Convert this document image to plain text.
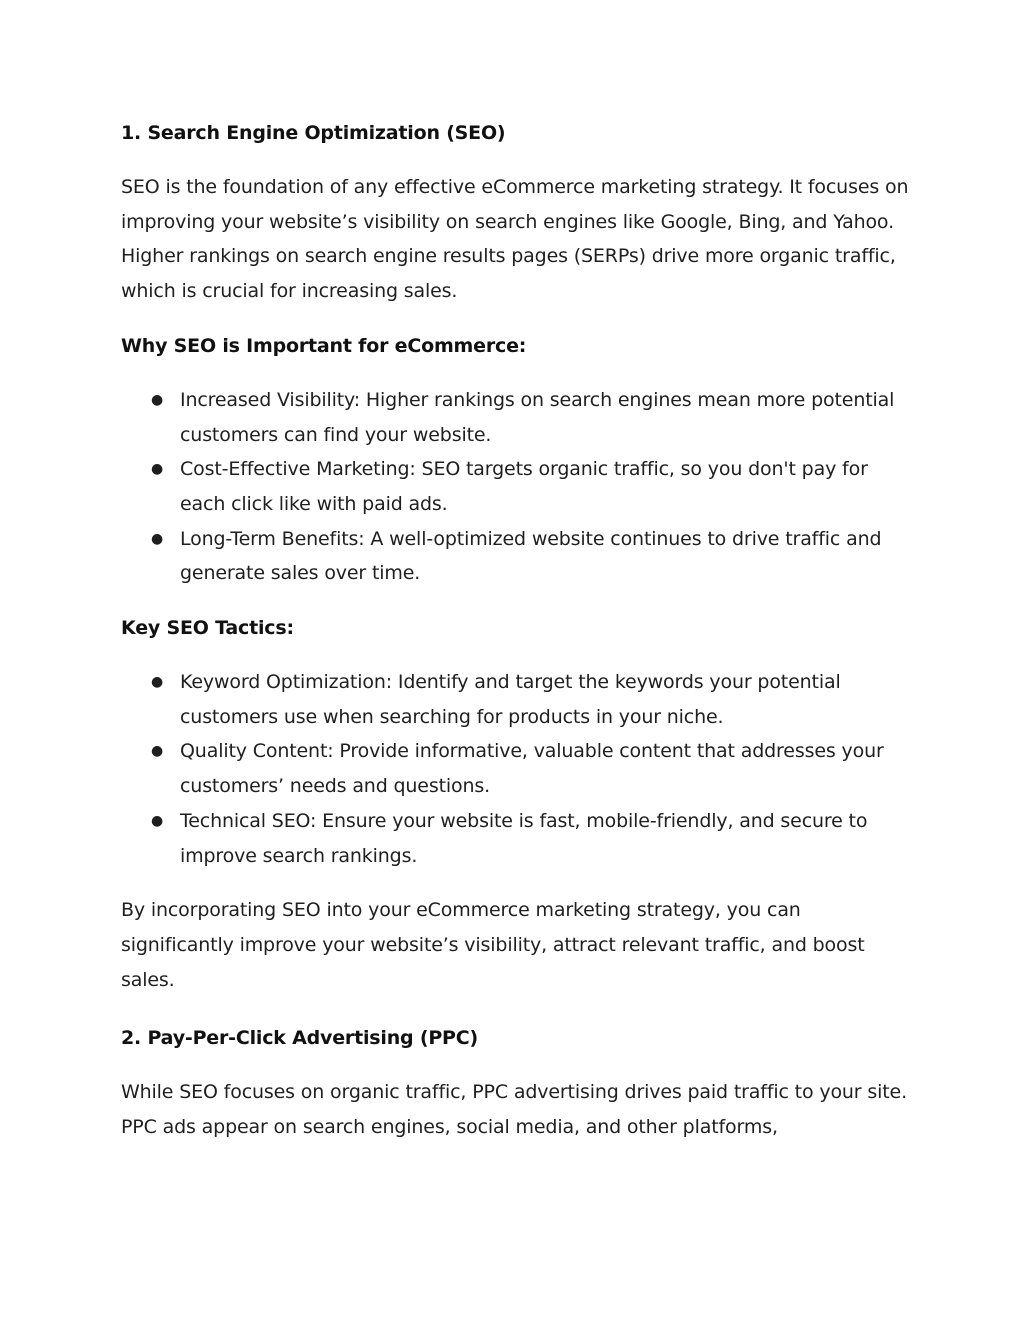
1. Search Engine Optimization (SEO)

SEO is the foundation of any effective eCommerce marketing strategy. It focuses on improving your website’s visibility on search engines like Google, Bing, and Yahoo. Higher rankings on search engine results pages (SERPs) drive more organic traffic, which is crucial for increasing sales.

Why SEO is Important for eCommerce:
● Increased Visibility: Higher rankings on search engines mean more potential customers can find your website.
● Cost-Effective Marketing: SEO targets organic traffic, so you don't pay for each click like with paid ads.
● Long-Term Benefits: A well-optimized website continues to drive traffic and generate sales over time.
Key SEO Tactics:
● Keyword Optimization: Identify and target the keywords your potential customers use when searching for products in your niche.
● Quality Content: Provide informative, valuable content that addresses your customers’ needs and questions.
● Technical SEO: Ensure your website is fast, mobile-friendly, and secure to improve search rankings.

By incorporating SEO into your eCommerce marketing strategy, you can significantly improve your website’s visibility, attract relevant traffic, and boost sales.

2. Pay-Per-Click Advertising (PPC)

While SEO focuses on organic traffic, PPC advertising drives paid traffic to your site. PPC ads appear on search engines, social media, and other platforms,
